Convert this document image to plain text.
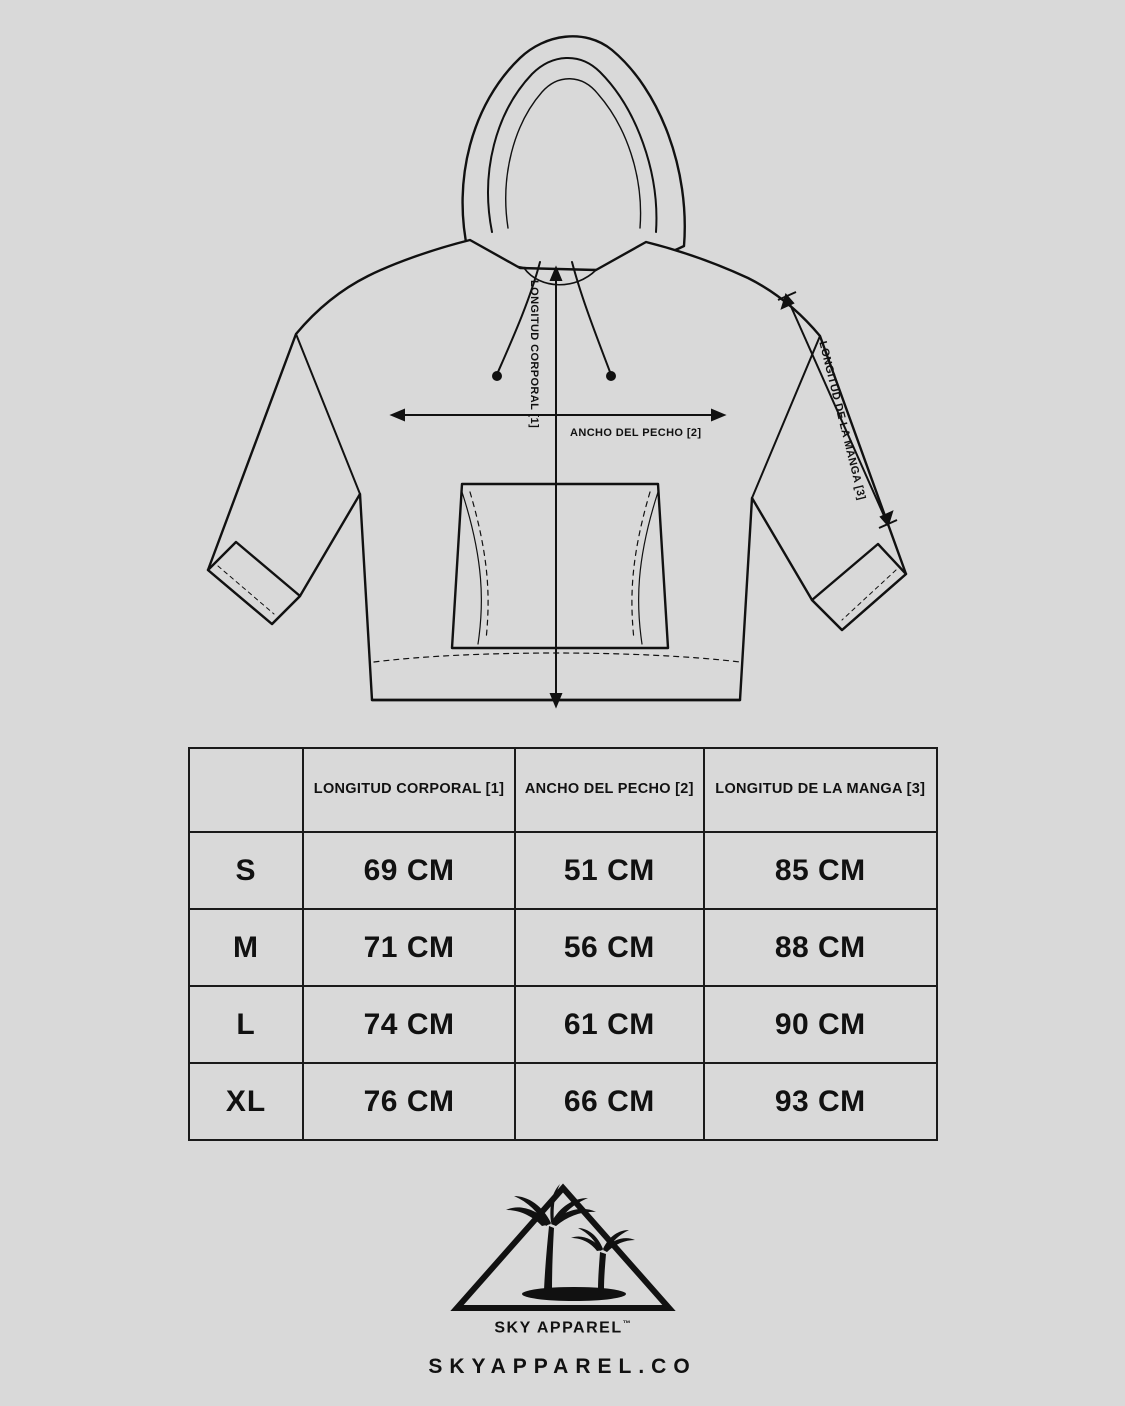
LONGITUD CORPORAL [1]
ANCHO DEL PECHO [2]	LONGITUD DE LA MANGA [3]
	LONGITUD CORPORAL [1]	ANCHO DEL PECHO [2]	LONGITUD DE LA MANGA [3]
S	69 CM	51 CM	85 CM
M	71 CM	56 CM	88 CM
L	74 CM	61 CM	90 CM
XL	76 CM	66 CM	93 CM
SKY APPAREL™
SKYAPPAREL.CO
